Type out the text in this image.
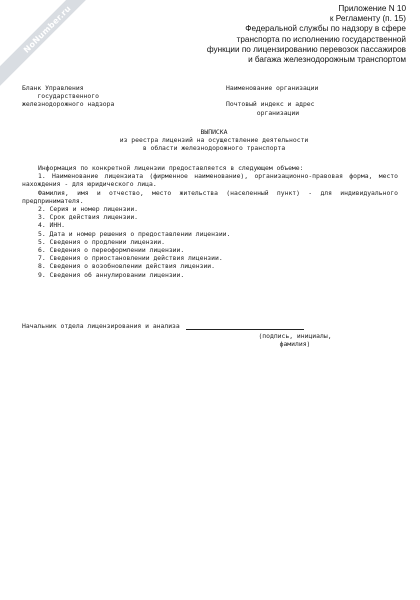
NoNumber.ru	Приложение N 10
к Регламенту (п. 15)
Федеральной службы по надзору в сфере
транспорта по исполнению государственной
функции по лицензированию перевозок пассажиров
и багажа железнодорожным транспортом
Бланк Управления
государственного
железнодорожного надзора
Наименование организации

Почтовый индекс и адрес
организации
ВЫПИСКА
из реестра лицензий на осуществление деятельности
в области железнодорожного транспорта
Информация по конкретной лицензии предоставляется в следующем объеме:
1. Наименование лицензиата (фирменное наименование), организационно-правовая форма, место нахождения - для юридического лица.
Фамилия, имя и отчество, место жительства (населенный пункт) - для индивидуального предпринимателя.
2. Серия и номер лицензии.
3. Срок действия лицензии.
4. ИНН.
5. Дата и номер решения о предоставлении лицензии.
5. Сведения о продлении лицензии.
6. Сведения о переоформлении лицензии.
7. Сведения о приостановлении действия лицензии.
8. Сведения о возобновлении действия лицензии.
9. Сведения об аннулировании лицензии.
Начальник отдела лицензирования и анализа
(подпись, инициалы,
фамилия)
